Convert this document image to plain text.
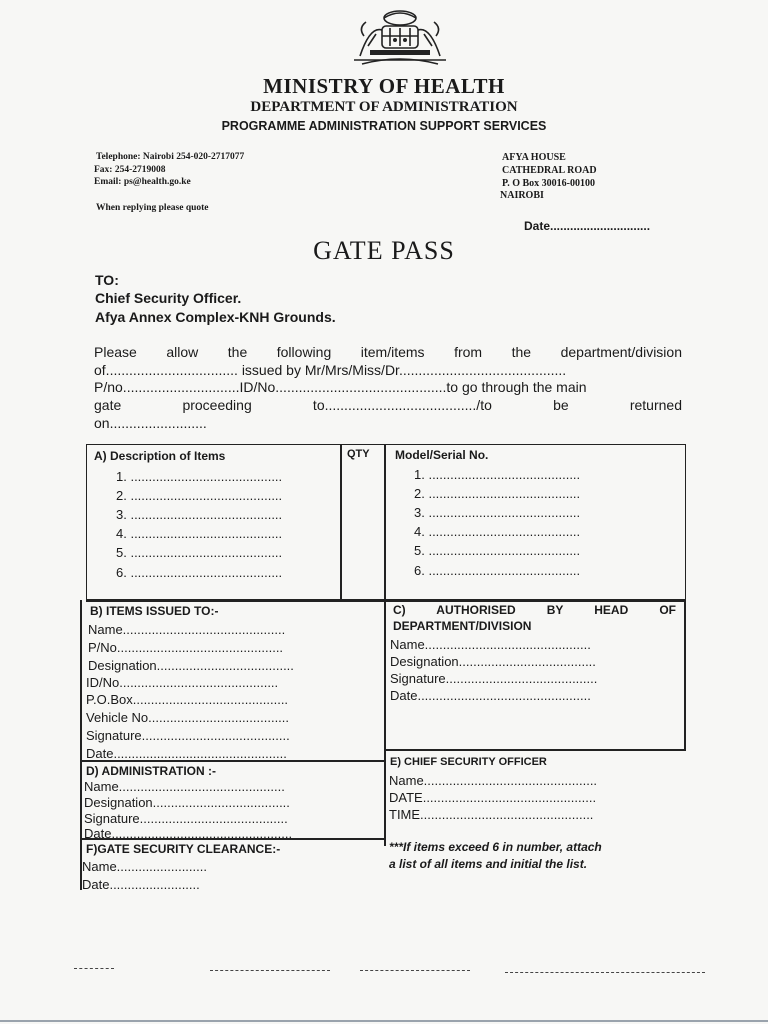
MINISTRY OF HEALTH
DEPARTMENT OF ADMINISTRATION
PROGRAMME ADMINISTRATION SUPPORT SERVICES
Telephone: Nairobi 254-020-2717077
Fax: 254-2719008
Email: ps@health.go.ke
When replying please quote
AFYA HOUSE
CATHEDRAL ROAD
P. O Box 30016-00100
NAIROBI
Date..............................
GATE PASS
TO:
Chief Security Officer.
Afya Annex Complex-KNH Grounds.
Please allow the following item/items from the department/division
of.................................. issued by Mr/Mrs/Miss/Dr...........................................
P/no..............................ID/No............................................to go through the main
gate proceeding to......................................./to be returned
on.........................
A) Description of Items	QTY Model/Serial No.
1. ..........................................
2. ..........................................
3. ..........................................
4. ..........................................
5. ..........................................
6. ..........................................
1. ..........................................
2. ..........................................
3. ..........................................
4. ..........................................
5. ..........................................
6. ..........................................
B) ITEMS ISSUED TO:-
Name.............................................
P/No..............................................
Designation......................................
ID/No............................................
P.O.Box...........................................
Vehicle No.......................................
Signature.........................................
Date................................................
C) AUTHORISED BY HEAD OF
DEPARTMENT/DIVISION
Name..............................................
Designation......................................
Signature..........................................
Date................................................
D) ADMINISTRATION :-
Name..............................................
Designation......................................
Signature.........................................
Date..................................................
E) CHIEF SECURITY OFFICER
Name................................................
DATE................................................
TIME................................................
F)GATE SECURITY CLEARANCE:-
Name.........................
Date.........................
***If items exceed 6 in number, attach
a list of all items and initial the list.
